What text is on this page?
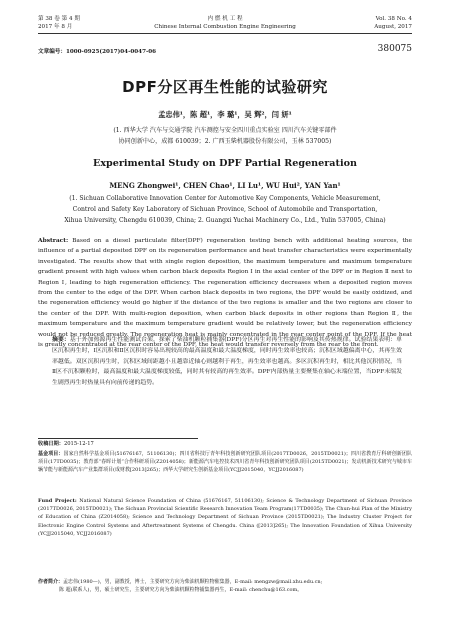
第 38 卷 第 4 期
2017 年 8 月
内 燃 机 工 程
Chinese Internal Combustion Engine Engineering
Vol. 38 No. 4
August, 2017
文章编号：1000-0925(2017)04-0047-06	380075
DPF分区再生性能的试验研究
孟忠伟¹，陈 超¹，李 璐¹，吴 辉²，闫 妍¹
(1. 西华大学 汽车与交通学院 汽车测控与安全四川重点实验室 四川汽车关键零部件
协同创新中心，成都 610039；2. 广西玉柴机器股份有限公司，玉林 537005)
Experimental Study on DPF Partial Regeneration
MENG Zhongwei¹, CHEN Chao¹, LI Lu¹, WU Hui², YAN Yan¹
(1. Sichuan Collaborative Innovation Center for Automotive Key Components, Vehicle Measurement,
Control and Safety Key Laboratory of Sichuan Province, School of Automobile and Transportation,
Xihua University, Chengdu 610039, China; 2. Guangxi Yuchai Machinery Co., Ltd., Yulin 537005, China)
Abstract: Based on a diesel particulate filter(DPF) regeneration testing bench with additional heating sources, the influence of a partial deposited DPF on its regeneration performance and heat transfer characteristics were experimentally investigated. The results show that with single region deposition, the maximum temperature and maximum temperature gradient present with high values when carbon black deposits Region Ⅰ in the axial center of the DPF or in Region Ⅱ next to Region Ⅰ, leading to high regeneration efficiency. The regeneration efficiency decreases when a deposited region moves from the center to the edge of the DPF. When carbon black deposits in two regions, the DPF would be easily oxidized, and the regeneration efficiency would go higher if the distance of the two regions is smaller and the two regions are closer to the center of the DPF. With multi-region deposition, when carbon black deposits in other regions than Region Ⅱ, the maximum temperature and the maximum temperature gradient would be relatively lower, but the regeneration efficiency would not be reduced greatly. The regeneration heat is mainly concentrated in the rear center point of the DPF. If the heat is greatly concentrated at the rear center of the DPF, the heat would transfer reversely from the rear to the front.
摘要：基于外加热源再生性能测试台架，探索了柴油机颗粒捕集器(DPF)分区再生对再生性能的影响及其传热规律。试验结果表明：单区沉积再生时，Ⅰ区沉积和Ⅱ区沉积时容易出现较高的最高温度和最大温度梯度，同时再生效率也较高；沉积区域越偏离中心，其再生效率越低。双区沉积再生时，沉积区域间距越小且越靠近轴心则越利于再生，再生效率也越高。多区沉积再生时，相比其他沉积情况，当Ⅱ区不沉积颗粒时，最高温度和最大温度梯度较低，同时其有较高的再生效率。DPF内部热量主要聚集在轴心末端位置，当DPF末端发生剧烈再生时热量具有向前传递的趋势。
收稿日期：2015-12-17
基金项目：国家自然科学基金项目(51676167，51106130)；四川省科技厅青年科技创新研究团队项目(2017TD0026，2015TD0021)；四川省教育厅科研创新团队项目(17TD0035)；教育部“春晖计划”合作科研项目(Z2014058)；新能源汽车电控技术四川省青年科技创新研究团队项目(2015TD0021)；发动机新技术研究与城市车辆节能与新能源汽车产业集群项目(成财教[2013]265)；西华大学研究生创新基金项目(YCJJ2015040，YCJJ2016087)
Fund Project: National Natural Science Foundation of China (51676167, 51106130); Science & Technology Department of Sichuan Province (2017TD0026, 2015TD0021); The Sichuan Provincial Scientific Research Innovation Team Program(17TD0035); The Chun-hui Plan of the Ministry of Education of China (Z2014058); Science and Technology Department of Sichuan Province (2015TD0021); The Industry Cluster Project for Electronic Engine Control Systems and Aftertreatment Systems of Chengdu. China ([2013]265); The Innovation Foundation of Xihua University (YCJJ2015040, YCJJ2016087)
作者简介：孟忠伟(1980—)，男，副教授，博士，主要研究方向为柴油机颗粒物催集器，E-mail: mengzw@mail.xhu.edu.cn;
陈 超(联系人)，男，硕士研究生，主要研究方向为柴油机颗粒物捕集器再生，E-mail: chenchu@163.com。
